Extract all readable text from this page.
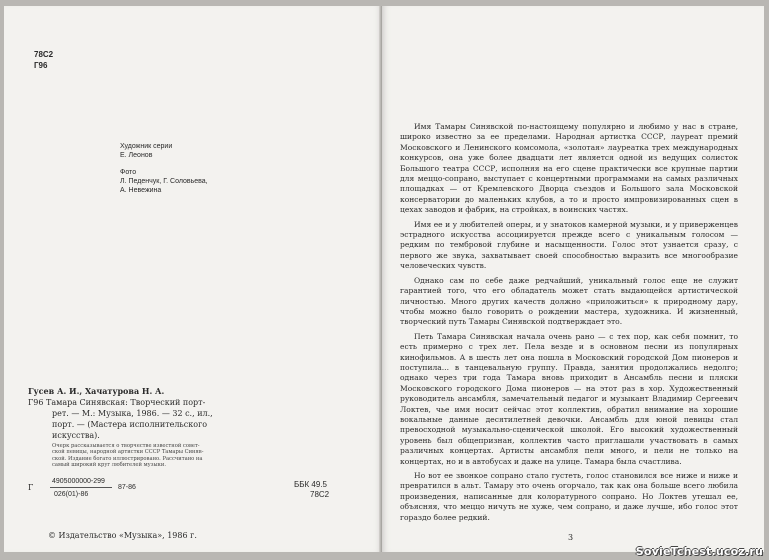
78С2
Г96
Художник серии
Е. Леонов
Фото
Л. Педенчук, Г. Соловьева,
А. Невежина
Гусев А. И., Хачатурова Н. А.
Г96 Тамара Синявская: Творческий порт-
рет. — М.: Музыка, 1986. — 32 с., ил.,
порт. — (Мастера исполнительского
искусства).
Очерк рассказывается о творчестве известной совет-
ской певицы, народной артистки СССР Тамары Синяв-
ской. Издание богато иллюстрировано. Рассчитано на
самый широкий круг любителей музыки.
Г
4905000000-299
026(01)-86
87-86	ББК 49.5
78С2
© Издательство «Музыка», 1986 г.

Имя Тамары Синявской по-настоящему популярно и любимо у нас в стране, широко известно за ее пределами. Народная артистка СССР, лауреат премий Московского и Ленинского комсомола, «золотая» лауреатка трех международных конкурсов, она уже более двадцати лет является одной из ведущих солисток Большого театра СССР, исполняя на его сцене практически все крупные партии для меццо-сопрано, выступает с концертными программами на самых различных площадках — от Кремлевского Дворца съездов и Большого зала Московской консерватории до маленьких клубов, а то и просто импровизированных сцен в цехах заводов и фабрик, на стройках, в воинских частях.

Имя ее и у любителей оперы, и у знатоков камерной музыки, и у приверженцев эстрадного искусства ассоциируется прежде всего с уникальным голосом — редким по тембровой глубине и насыщенности. Голос этот узнается сразу, с первого же звука, захватывает своей способностью выразить все многообразие человеческих чувств.

Однако сам по себе даже редчайший, уникальный голос еще не служит гарантией того, что его обладатель может стать выдающейся артистической личностью. Много других качеств должно «приложиться» к природному дару, чтобы можно было говорить о рождении мастера, художника. И жизненный, творческий путь Тамары Синявской подтверждает это.

Петь Тамара Синявская начала очень рано — с тех пор, как себя помнит, то есть примерно с трех лет. Пела везде и в основном песни из популярных кинофильмов. А в шесть лет она пошла в Московский городской Дом пионеров и поступила... в танцевальную группу. Правда, занятия продолжались недолго; однако через три года Тамара вновь приходит в Ансамбль песни и пляски Московского городского Дома пионеров — на этот раз в хор. Художественный руководитель ансамбля, замечательный педагог и музыкант Владимир Сергеевич Локтев, чье имя носит сейчас этот коллектив, обратил внимание на хорошие вокальные данные десятилетней девочки. Ансамбль для юной певицы стал превосходной музыкально-сценической школой. Его высокий художественный уровень был общепризнан, коллектив часто приглашали участвовать в самых различных концертах. Артисты ансамбля пели много, и пели не только на концертах, но и в автобусах и даже на улице. Тамара была счастлива.

Но вот ее звонкое сопрано стало густеть, голос становился все ниже и ниже и превратился в альт. Тамару это очень огорчало, так как она больше всего любила произведения, написанные для колоратурного сопрано. Но Локтев утешал ее, объясняя, что меццо ничуть не хуже, чем сопрано, и даже лучше, ибо голос этот гораздо более редкий.

3
SovieTchest.ucoz.ru
